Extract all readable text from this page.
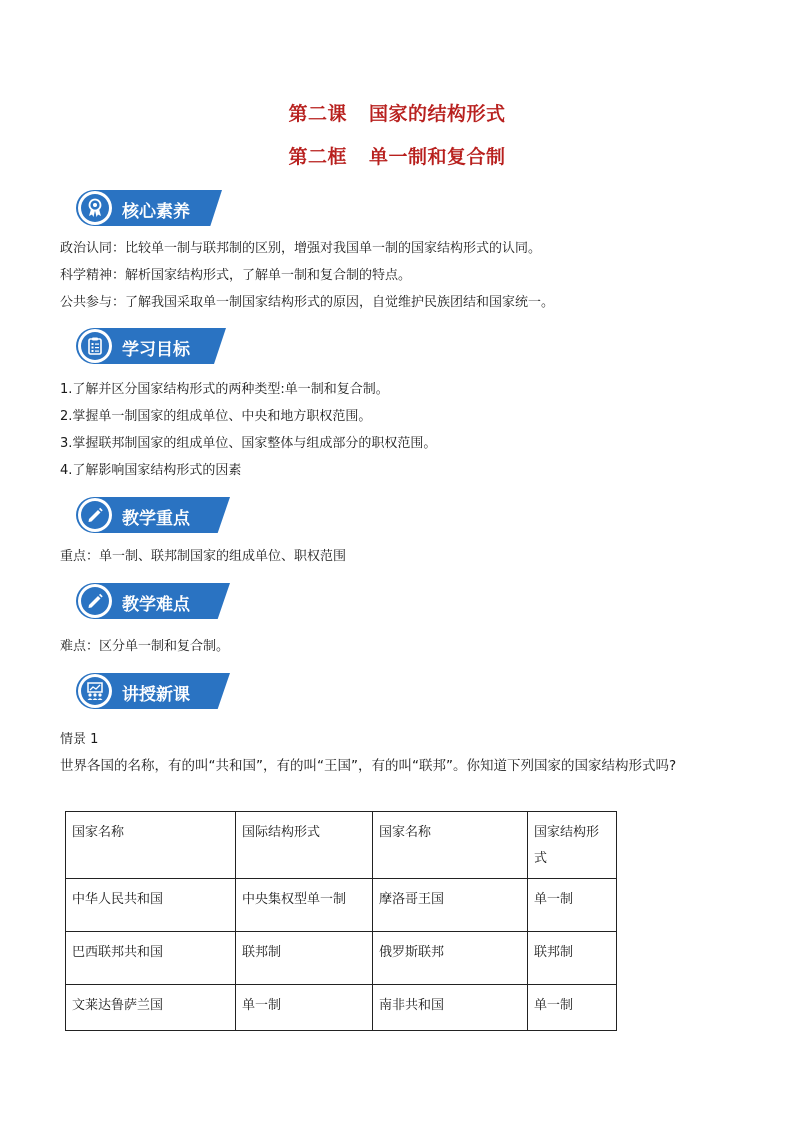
第二课 国家的结构形式
第二框 单一制和复合制
核心素养
政治认同：比较单一制与联邦制的区别，增强对我国单一制的国家结构形式的认同。
科学精神：解析国家结构形式，了解单一制和复合制的特点。
公共参与：了解我国采取单一制国家结构形式的原因，自觉维护民族团结和国家统一。
学习目标
1.了解并区分国家结构形式的两种类型:单一制和复合制。
2.掌握单一制国家的组成单位、中央和地方职权范围。
3.掌握联邦制国家的组成单位、国家整体与组成部分的职权范围。
4.了解影响国家结构形式的因素
教学重点
重点：单一制、联邦制国家的组成单位、职权范围
教学难点
难点：区分单一制和复合制。
讲授新课
情景 1
世界各国的名称，有的叫“共和国”，有的叫“王国”，有的叫“联邦”。你知道下列国家的国家结构形式吗?
国家名称	国际结构形式	国家名称	国家结构形式
中华人民共和国	中央集权型单一制	摩洛哥王国	单一制
巴西联邦共和国	联邦制	俄罗斯联邦	联邦制
文莱达鲁萨兰国	单一制	南非共和国	单一制
